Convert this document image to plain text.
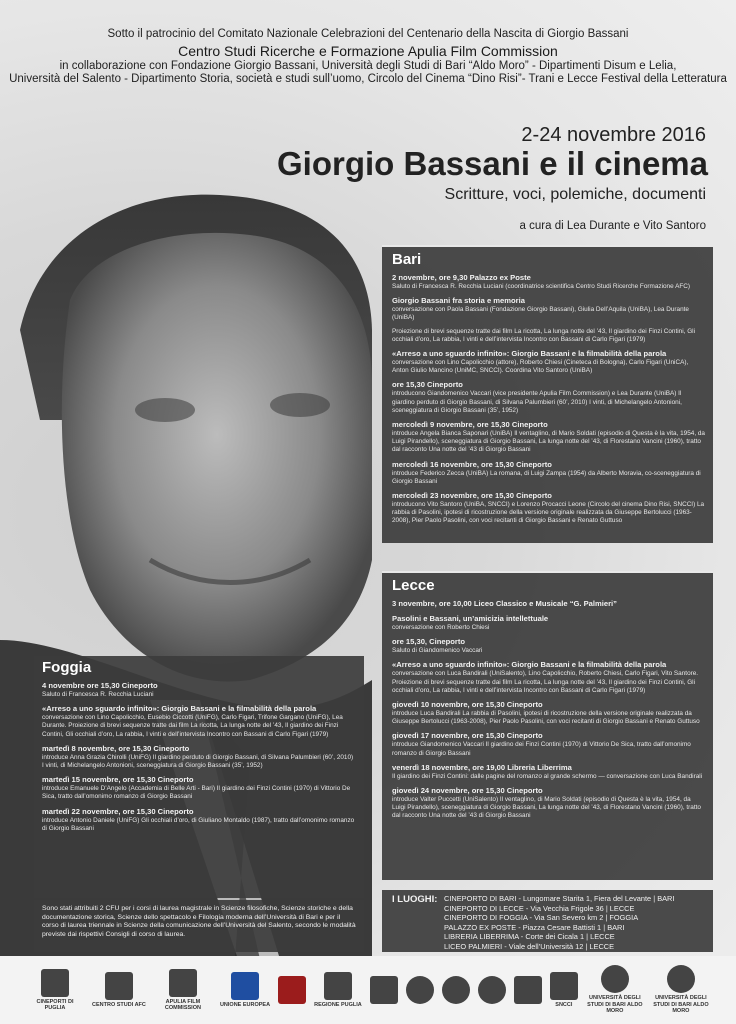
Sotto il patrocinio del Comitato Nazionale Celebrazioni del Centenario della Nascita di Giorgio Bassani
Centro Studi Ricerche e Formazione Apulia Film Commission
in collaborazione con Fondazione Giorgio Bassani, Università degli Studi di Bari “Aldo Moro” - Dipartimenti Disum e Lelia,
Università del Salento - Dipartimento Storia, società e studi sull’uomo, Circolo del Cinema “Dino Risi”- Trani e Lecce Festival della Letteratura
2-24 novembre 2016
Giorgio Bassani e il cinema
Scritture, voci, polemiche, documenti
a cura di Lea Durante e Vito Santoro
Bari
2 novembre, ore 9,30 Palazzo ex Poste
Saluto di Francesca R. Recchia Luciani (coordinatrice scientifica Centro Studi Ricerche Formazione AFC)
Giorgio Bassani fra storia e memoria
conversazione con Paola Bassani (Fondazione Giorgio Bassani), Giulia Dell’Aquila (UniBA), Lea Durante (UniBA)
Proiezione di brevi sequenze tratte dai film La ricotta, La lunga notte del ’43, Il giardino dei Finzi Contini, Gli occhiali d’oro, La rabbia, I vinti e dell’intervista Incontro con Bassani di Carlo Figari (1979)
«Arreso a uno sguardo infinito»: Giorgio Bassani e la filmabilità della parola
conversazione con Lino Capolicchio (attore), Roberto Chiesi (Cineteca di Bologna), Carlo Figari (UniCA), Anton Giulio Mancino (UniMC, SNCCI). Coordina Vito Santoro (UniBA)
ore 15,30 Cineporto
introducono Giandomenico Vaccari (vice presidente Apulia Film Commission) e Lea Durante (UniBA) Il giardino perduto di Giorgio Bassani, di Silvana Palumbieri (60’, 2010) I vinti, di Michelangelo Antonioni, sceneggiatura di Giorgio Bassani (35’, 1952)
mercoledì 9 novembre, ore 15,30 Cineporto
introduce Angela Bianca Saponari (UniBA) Il ventaglino, di Mario Soldati (episodio di Questa è la vita, 1954, da Luigi Pirandello), sceneggiatura di Giorgio Bassani, La lunga notte del ’43, di Florestano Vancini (1960), tratto dal racconto Una notte del ’43 di Giorgio Bassani
mercoledì 16 novembre, ore 15,30 Cineporto
introduce Federico Zecca (UniBA) La romana, di Luigi Zampa (1954) da Alberto Moravia, co-sceneggiatura di Giorgio Bassani
mercoledì 23 novembre, ore 15,30 Cineporto
introducono Vito Santoro (UniBA, SNCCI) e Lorenzo Procacci Leone (Circolo del cinema Dino Risi, SNCCI) La rabbia di Pasolini, ipotesi di ricostruzione della versione originale realizzata da Giuseppe Bertolucci (1963-2008), Pier Paolo Pasolini, con voci recitanti di Giorgio Bassani e Renato Guttuso
Lecce
3 novembre, ore 10,00 Liceo Classico e Musicale “G. Palmieri”
Pasolini e Bassani, un’amicizia intellettuale
conversazione con Roberto Chiesi
ore 15,30, Cineporto
Saluto di Giandomenico Vaccari
«Arreso a uno sguardo infinito»: Giorgio Bassani e la filmabilità della parola
conversazione con Luca Bandirali (UniSalento), Lino Capolicchio, Roberto Chiesi, Carlo Figari, Vito Santore. Proiezione di brevi sequenze tratte dai film La ricotta, La lunga notte del ’43, Il giardino dei Finzi Contini, Gli occhiali d’oro, La rabbia, I vinti e dell’intervista Incontro con Bassani di Carlo Figari (1979)
giovedì 10 novembre, ore 15,30 Cineporto
introduce Luca Bandirali La rabbia di Pasolini, ipotesi di ricostruzione della versione originale realizzata da Giuseppe Bertolucci (1963-2008), Pier Paolo Pasolini, con voci recitanti di Giorgio Bassani e Renato Guttuso
giovedì 17 novembre, ore 15,30 Cineporto
introduce Giandomenico Vaccari Il giardino dei Finzi Contini (1970) di Vittorio De Sica, tratto dall’omonimo romanzo di Giorgio Bassani
venerdì 18 novembre, ore 19,00 Libreria Liberrima
Il giardino dei Finzi Contini: dalle pagine del romanzo al grande schermo — conversazione con Luca Bandirali
giovedì 24 novembre, ore 15,30 Cineporto
introduce Valter Puccetti (UniSalento) Il ventaglino, di Mario Soldati (episodio di Questa è la vita, 1954, da Luigi Pirandello), sceneggiatura di Giorgio Bassani, La lunga notte del ’43, di Florestano Vancini (1960), tratto dal racconto Una notte del ’43 di Giorgio Bassani
Foggia
4 novembre ore 15,30 Cineporto
Saluto di Francesca R. Recchia Luciani
«Arreso a uno sguardo infinito»: Giorgio Bassani e la filmabilità della parola
conversazione con Lino Capolicchio, Eusebio Ciccotti (UniFG), Carlo Figari, Trifone Gargano (UniFG), Lea Durante. Proiezione di brevi sequenze tratte dai film La ricotta, La lunga notte del ’43, Il giardino dei Finzi Contini, Gli occhiali d’oro, La rabbia, I vinti e dell’intervista Incontro con Bassani di Carlo Figari (1979)
martedì 8 novembre, ore 15,30 Cineporto
introduce Anna Grazia Chirolli (UniFG) Il giardino perduto di Giorgio Bassani, di Silvana Palumbieri (60’, 2010) I vinti, di Michelangelo Antonioni, sceneggiatura di Giorgio Bassani (35’, 1952)
martedì 15 novembre, ore 15,30 Cineporto
introduce Emanuele D’Angelo (Accademia di Belle Arti - Bari) Il giardino dei Finzi Contini (1970) di Vittorio De Sica, tratto dall’omonimo romanzo di Giorgio Bassani
martedì 22 novembre, ore 15,30 Cineporto
introduce Antonio Daniele (UniFG) Gli occhiali d’oro, di Giuliano Montaldo (1987), tratto dall’omonimo romanzo di Giorgio Bassani
Sono stati attribuiti 2 CFU per i corsi di laurea magistrale in Scienze filosofiche, Scienze storiche e della documentazione storica, Scienze dello spettacolo e Filologia moderna dell’Università di Bari e per il corso di laurea triennale in Scienze della comunicazione dell’Università del Salento, secondo le modalità previste dai rispettivi Consigli di corso di laurea.
I LUOGHI: CINEPORTO DI BARI - Lungomare Starita 1, Fiera del Levante | BARI
CINEPORTO DI LECCE - Via Vecchia Frigole 36 | LECCE
CINEPORTO DI FOGGIA - Via San Severo km 2 | FOGGIA
PALAZZO EX POSTE - Piazza Cesare Battisti 1 | BARI
LIBRERIA LIBERRIMA - Corte dei Cicala 1 | LECCE
LICEO PALMIERI - Viale dell’Università 12 | LECCE
CINEPORTI DI PUGLIA
CENTRO STUDI AFC
APULIA FILM COMMISSION
UNIONE EUROPEA	REGIONE PUGLIA	SNCCI
UNIVERSITÀ DEGLI STUDI DI BARI ALDO MORO
UNIVERSITÀ DEGLI STUDI DI BARI ALDO MORO
